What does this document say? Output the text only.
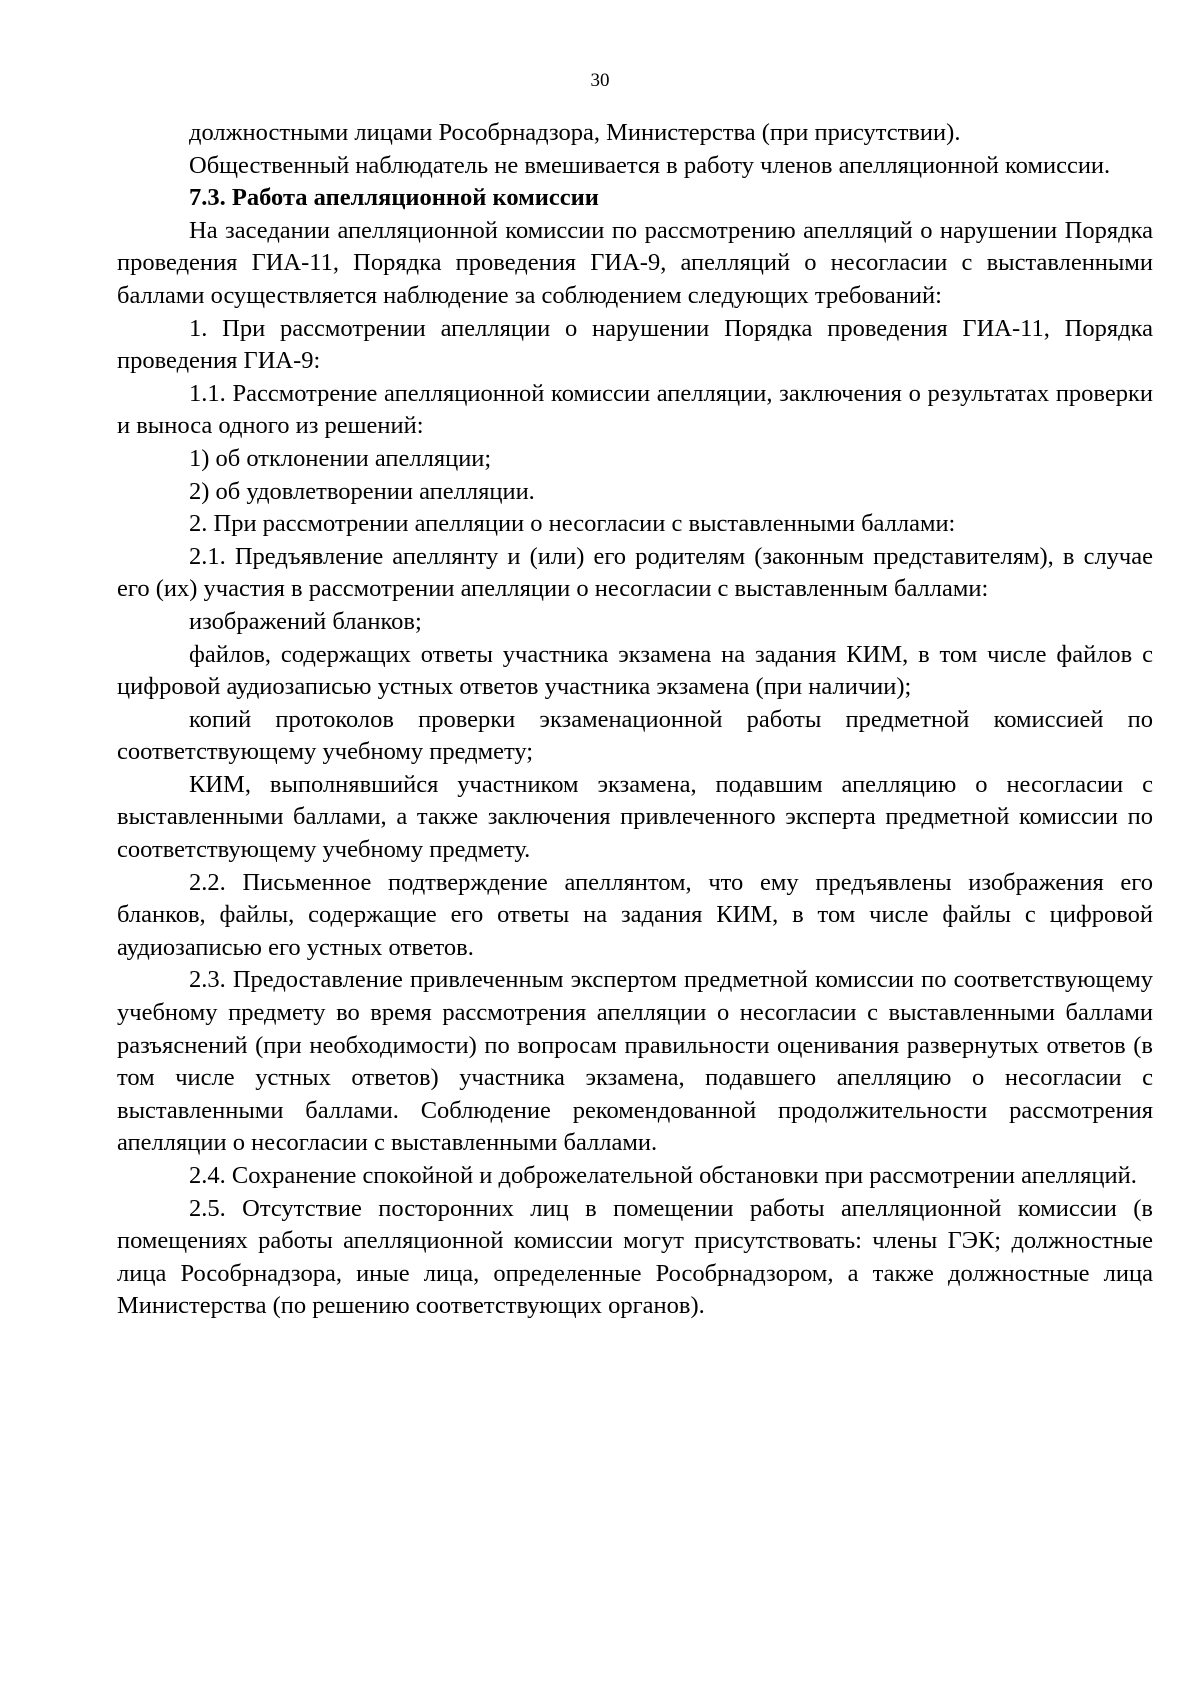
30

должностными лицами Рособрнадзора, Министерства (при присутствии).

Общественный наблюдатель не вмешивается в работу членов апелляционной комиссии.

7.3. Работа апелляционной комиссии

На заседании апелляционной комиссии по рассмотрению апелляций о нарушении Порядка проведения ГИА-11, Порядка проведения ГИА-9, апелляций о несогласии с выставленными баллами осуществляется наблюдение за соблюдением следующих требований:

1. При рассмотрении апелляции о нарушении Порядка проведения ГИА-11, Порядка проведения ГИА-9:

1.1. Рассмотрение апелляционной комиссии апелляции, заключения о результатах проверки и выноса одного из решений:

1) об отклонении апелляции;

2) об удовлетворении апелляции.

2. При рассмотрении апелляции о несогласии с выставленными баллами:

2.1. Предъявление апеллянту и (или) его родителям (законным представителям), в случае его (их) участия в рассмотрении апелляции о несогласии с выставленным баллами:

изображений бланков;

файлов, содержащих ответы участника экзамена на задания КИМ, в том числе файлов с цифровой аудиозаписью устных ответов участника экзамена (при наличии);

копий протоколов проверки экзаменационной работы предметной комиссией по соответствующему учебному предмету;

КИМ, выполнявшийся участником экзамена, подавшим апелляцию о несогласии с выставленными баллами, а также заключения привлеченного эксперта предметной комиссии по соответствующему учебному предмету.

2.2. Письменное подтверждение апеллянтом, что ему предъявлены изображения его бланков, файлы, содержащие его ответы на задания КИМ, в том числе файлы с цифровой аудиозаписью его устных ответов.

2.3. Предоставление привлеченным экспертом предметной комиссии по соответствующему учебному предмету во время рассмотрения апелляции о несогласии с выставленными баллами разъяснений (при необходимости) по вопросам правильности оценивания развернутых ответов (в том числе устных ответов) участника экзамена, подавшего апелляцию о несогласии с выставленными баллами. Соблюдение рекомендованной продолжительности рассмотрения апелляции о несогласии с выставленными баллами.

2.4. Сохранение спокойной и доброжелательной обстановки при рассмотрении апелляций.

2.5. Отсутствие посторонних лиц в помещении работы апелляционной комиссии (в помещениях работы апелляционной комиссии могут присутствовать: члены ГЭК; должностные лица Рособрнадзора, иные лица, определенные Рособрнадзором, а также должностные лица Министерства (по решению соответствующих органов).
